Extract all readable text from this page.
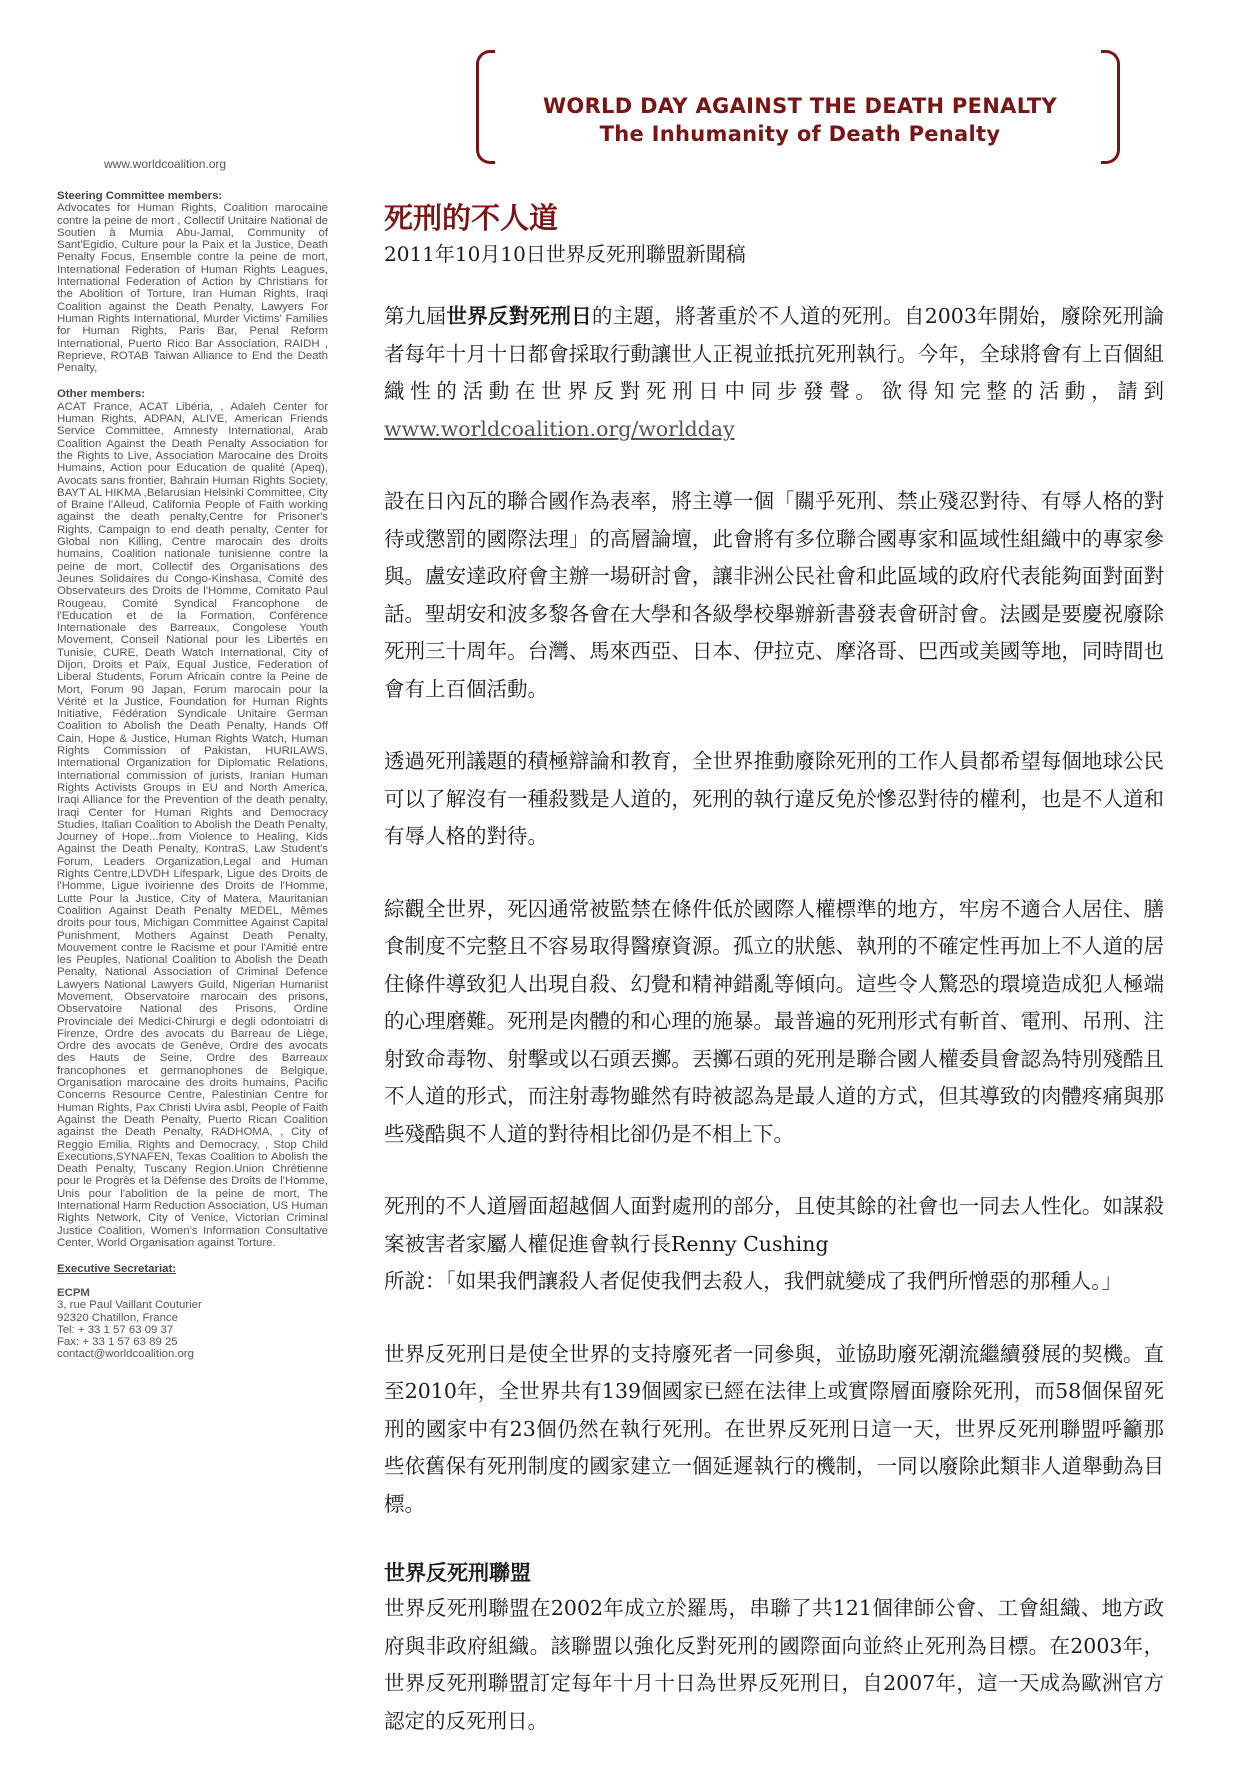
WORLD DAY AGAINST THE DEATH PENALTY
The Inhumanity of Death Penalty
www.worldcoalition.org

Steering Committee members:

Advocates for Human Rights, Coalition marocaine contre la peine de mort , Collectif Unitaire National de Soutien à Mumia Abu-Jamal, Community of Sant'Egidio, Culture pour la Paix et la Justice, Death Penalty Focus, Ensemble contre la peine de mort, International Federation of Human Rights Leagues, International Federation of Action by Christians for the Abolition of Torture, Iran Human Rights, Iraqi Coalition against the Death Penalty, Lawyers For Human Rights International, Murder Victims' Families for Human Rights, Paris Bar, Penal Reform International, Puerto Rico Bar Association, RAIDH , Reprieve, ROTAB Taiwan Alliance to End the Death Penalty,

Other members:

ACAT France, ACAT Libéria, , Adaleh Center for Human Rights, ADPAN, ALIVE, American Friends Service Committee, Amnesty International, Arab Coalition Against the Death Penalty Association for the Rights to Live, Association Marocaine des Droits Humains, Action pour Education de qualité (Apeq), Avocats sans frontier, Bahrain Human Rights Society, BAYT AL HIKMA ,Belarusian Helsinki Committee, City of Braine l'Alleud, California People of Faith working against the death penalty,Centre for Prisoner's Rights, Campaign to end death penalty, Center for Global non Killing, Centre marocain des droits humains, Coalition nationale tunisienne contre la peine de mort, Collectif des Organisations des Jeunes Solidaires du Congo-Kinshasa, Comité des Observateurs des Droits de l'Homme, Comitato Paul Rougeau, Comité Syndical Francophone de l'Education et de la Formation, Conférence Internationale des Barreaux, Congolese Youth Movement, Conseil National pour les Libertés en Tunisie, CURE, Death Watch International, City of Dijon, Droits et Paix, Equal Justice, Federation of Liberal Students, Forum Africain contre la Peine de Mort, Forum 90 Japan, Forum marocain pour la Vérité et la Justice, Foundation for Human Rights Initiative, Fédération Syndicale Unitaire German Coalition to Abolish the Death Penalty, Hands Off Cain, Hope & Justice, Human Rights Watch, Human Rights Commission of Pakistan, HURILAWS, International Organization for Diplomatic Relations, International commission of jurists, Iranian Human Rights Activists Groups in EU and North America, Iraqi Alliance for the Prevention of the death penalty, Iraqi Center for Human Rights and Democracy Studies, Italian Coalition to Abolish the Death Penalty, Journey of Hope...from Violence to Healing, Kids Against the Death Penalty, KontraS, Law Student's Forum, Leaders Organization,Legal and Human Rights Centre,LDVDH Lifespark, Ligue des Droits de l'Homme, Ligue ivoirienne des Droits de l'Homme, Lutte Pour la Justice, City of Matera, Mauritanian Coalition Against Death Penalty MEDEL, Mêmes droits pour tous, Michigan Committee Against Capital Punishment, Mothers Against Death Penalty, Mouvement contre le Racisme et pour l'Amitié entre les Peuples, National Coalition to Abolish the Death Penalty, National Association of Criminal Defence Lawyers National Lawyers Guild, Nigerian Humanist Movement, Observatoire marocain des prisons, Observatoire National des Prisons, Ordine Provinciale dei Medici-Chirurgi e degli odontoiatri di Firenze, Ordre des avocats du Barreau de Liège, Ordre des avocats de Genève, Ordre des avocats des Hauts de Seine, Ordre des Barreaux francophones et germanophones de Belgique, Organisation marocaine des droits humains, Pacific Concerns Resource Centre, Palestinian Centre for Human Rights, Pax Christi Uvira asbl, People of Faith Against the Death Penalty, Puerto Rican Coalition against the Death Penalty, RADHOMA, , City of Reggio Emilia, Rights and Democracy, , Stop Child Executions,SYNAFEN, Texas Coalition to Abolish the Death Penalty, Tuscany Region.Union Chrétienne pour le Progrès et la Défense des Droits de l'Homme, Unis pour l'abolition de la peine de mort, The International Harm Reduction Association, US Human Rights Network, City of Venice, Victorian Criminal Justice Coalition, Women's Information Consultative Center, World Organisation against Torture.

Executive Secretariat:

ECPM

3, rue Paul Vaillant Couturier

92320 Chatillon, France

Tel: + 33 1 57 63 09 37

Fax: + 33 1 57 63 89 25

contact@worldcoalition.org

死刑的不人道

2011年10月10日世界反死刑聯盟新聞稿

第九屆世界反對死刑日的主題，將著重於不人道的死刑。自2003年開始，廢除死刑論者每年十月十日都會採取行動讓世人正視並抵抗死刑執行。今年，全球將會有上百個組織性的活動在世界反對死刑日中同步發聲。欲得知完整的活動，請到www.worldcoalition.org/worldday

設在日內瓦的聯合國作為表率，將主導一個「關乎死刑、禁止殘忍對待、有辱人格的對待或懲罰的國際法理」的高層論壇，此會將有多位聯合國專家和區域性組織中的專家參與。盧安達政府會主辦一場研討會，讓非洲公民社會和此區域的政府代表能夠面對面對話。聖胡安和波多黎各會在大學和各級學校舉辦新書發表會研討會。法國是要慶祝廢除死刑三十周年。台灣、馬來西亞、日本、伊拉克、摩洛哥、巴西或美國等地，同時間也會有上百個活動。

透過死刑議題的積極辯論和教育，全世界推動廢除死刑的工作人員都希望每個地球公民可以了解沒有一種殺戮是人道的，死刑的執行違反免於慘忍對待的權利，也是不人道和有辱人格的對待。

綜觀全世界，死囚通常被監禁在條件低於國際人權標準的地方，牢房不適合人居住、膳食制度不完整且不容易取得醫療資源。孤立的狀態、執刑的不確定性再加上不人道的居住條件導致犯人出現自殺、幻覺和精神錯亂等傾向。這些令人驚恐的環境造成犯人極端的心理磨難。死刑是肉體的和心理的施暴。最普遍的死刑形式有斬首、電刑、吊刑、注射致命毒物、射擊或以石頭丟擲。丟擲石頭的死刑是聯合國人權委員會認為特別殘酷且不人道的形式，而注射毒物雖然有時被認為是最人道的方式，但其導致的肉體疼痛與那些殘酷與不人道的對待相比卻仍是不相上下。

死刑的不人道層面超越個人面對處刑的部分，且使其餘的社會也一同去人性化。如謀殺案被害者家屬人權促進會執行長Renny Cushing
所說：「如果我們讓殺人者促使我們去殺人，我們就變成了我們所憎惡的那種人。」

世界反死刑日是使全世界的支持廢死者一同參與，並協助廢死潮流繼續發展的契機。直至2010年，全世界共有139個國家已經在法律上或實際層面廢除死刑，而58個保留死刑的國家中有23個仍然在執行死刑。在世界反死刑日這一天，世界反死刑聯盟呼籲那些依舊保有死刑制度的國家建立一個延遲執行的機制，一同以廢除此類非人道舉動為目標。

世界反死刑聯盟

世界反死刑聯盟在2002年成立於羅馬，串聯了共121個律師公會、工會組織、地方政府與非政府組織。該聯盟以強化反對死刑的國際面向並終止死刑為目標。在2003年，世界反死刑聯盟訂定每年十月十日為世界反死刑日，自2007年，這一天成為歐洲官方認定的反死刑日。
